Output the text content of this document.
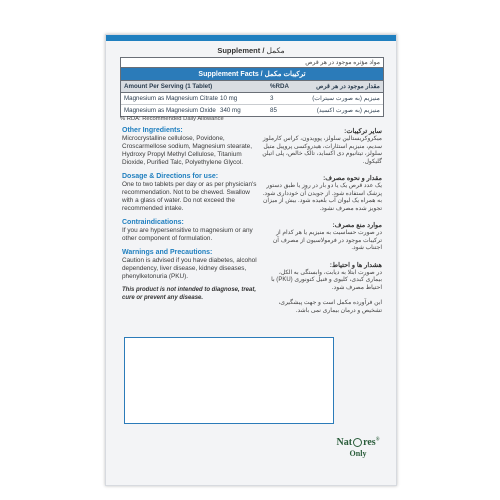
Supplement / مکمل
مواد مؤثره موجود در هر قرص
Supplement Facts / ترکیبات مکمل
Amount Per Serving (1 Tablet)	%RDA	مقدار موجود در هر قرص
Magnesium as Magnesium Citrate 10 mg	3	منیزیم (به صورت سیترات)
Magnesium as Magnesium Oxide 340 mg	85	منیزیم (به صورت اکسید)
% RDA: Recommended Daily Allowance
Other Ingredients:
Microcrystalline cellulose, Povidone, Croscarmellose sodium, Magnesium stearate, Hydroxy Propyl Methyl Cellulose, Titanium Dioxide, Purified Talc, Polyethylene Glycol.
Dosage & Directions for use:
One to two tablets per day or as per physician's recommendation. Not to be chewed. Swallow with a glass of water. Do not exceed the recommended intake.
Contraindications:
If you are hypersensitive to magnesium or any other component of formulation.
Warnings and Precautions:
Caution is advised if you have diabetes, alcohol dependency, liver disease, kidney diseases, phenylketonuria (PKU).
This product is not intended to diagnose, treat, cure or prevent any disease.
سایر ترکیبات:
میکروکریستالین سلولز، پوویدون، کراس کارملوز سدیم، منیزیم استئارات، هیدروکسی پروپیل متیل سلولز، تیتانیوم دی اکساید، تالک خالص، پلی اتیلن گلیکول.
مقدار و نحوه مصرف:
یک عدد قرص یک یا دو بار در روز یا طبق دستور پزشک استفاده شود. از جویدن آن خودداری شود. به همراه یک لیوان آب بلعیده شود. بیش از میزان تجویز شده مصرف نشود.
موارد منع مصرف:
در صورت حساسیت به منیزیم یا هر کدام از ترکیبات موجود در فرمولاسیون از مصرف آن اجتناب شود.
هشدار ها و احتیاط:
در صورت ابتلا به دیابت، وابستگی به الکل، بیماری کبدی، کلیوی و فنیل کتونوری (PKU) با احتیاط مصرف شود.
این فرآورده مکمل است و جهت پیشگیری، تشخیص و درمان بیماری نمی باشد.
Nat res®
Only
